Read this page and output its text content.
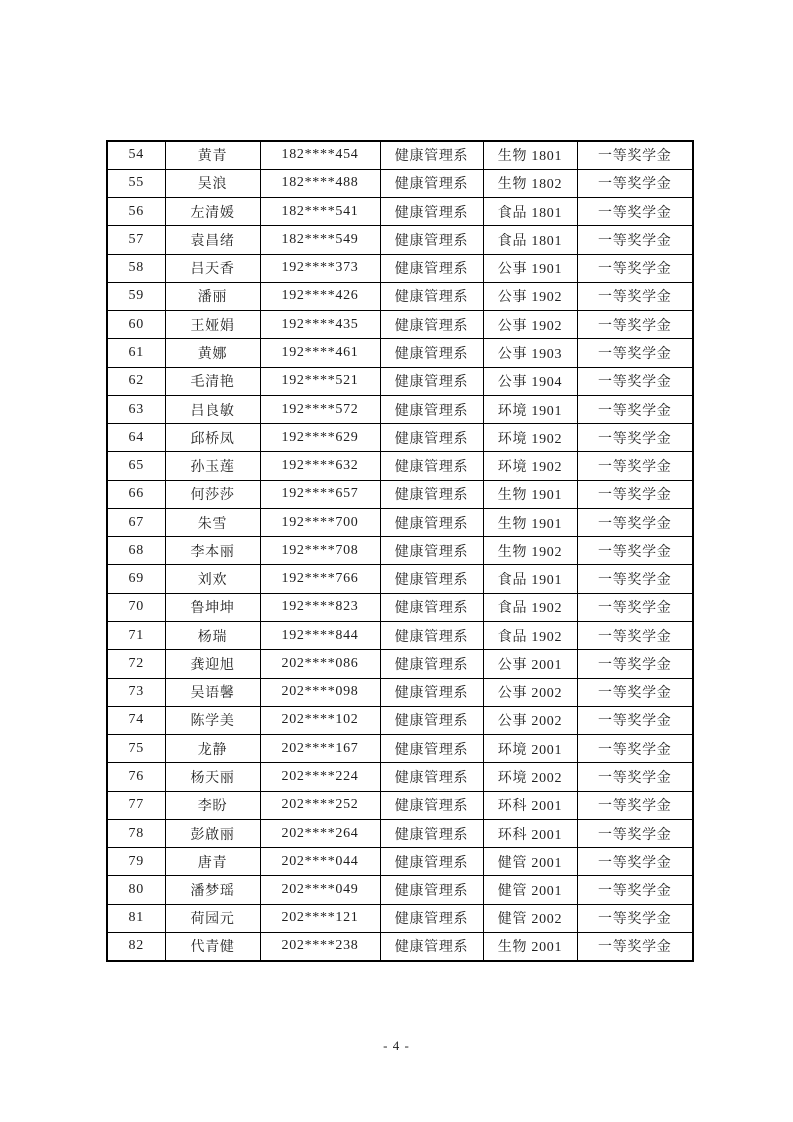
54	黄青	182****454	健康管理系	生物 1801	一等奖学金
55	吴浪	182****488	健康管理系	生物 1802	一等奖学金
56	左清媛	182****541	健康管理系	食品 1801	一等奖学金
57	袁昌绪	182****549	健康管理系	食品 1801	一等奖学金
58	吕天香	192****373	健康管理系	公事 1901	一等奖学金
59	潘丽	192****426	健康管理系	公事 1902	一等奖学金
60	王娅娟	192****435	健康管理系	公事 1902	一等奖学金
61	黄娜	192****461	健康管理系	公事 1903	一等奖学金
62	毛清艳	192****521	健康管理系	公事 1904	一等奖学金
63	吕良敏	192****572	健康管理系	环境 1901	一等奖学金
64	邱桥凤	192****629	健康管理系	环境 1902	一等奖学金
65	孙玉莲	192****632	健康管理系	环境 1902	一等奖学金
66	何莎莎	192****657	健康管理系	生物 1901	一等奖学金
67	朱雪	192****700	健康管理系	生物 1901	一等奖学金
68	李本丽	192****708	健康管理系	生物 1902	一等奖学金
69	刘欢	192****766	健康管理系	食品 1901	一等奖学金
70	鲁坤坤	192****823	健康管理系	食品 1902	一等奖学金
71	杨瑞	192****844	健康管理系	食品 1902	一等奖学金
72	龚迎旭	202****086	健康管理系	公事 2001	一等奖学金
73	吴语馨	202****098	健康管理系	公事 2002	一等奖学金
74	陈学美	202****102	健康管理系	公事 2002	一等奖学金
75	龙静	202****167	健康管理系	环境 2001	一等奖学金
76	杨天丽	202****224	健康管理系	环境 2002	一等奖学金
77	李盼	202****252	健康管理系	环科 2001	一等奖学金
78	彭啟丽	202****264	健康管理系	环科 2001	一等奖学金
79	唐青	202****044	健康管理系	健管 2001	一等奖学金
80	潘梦瑶	202****049	健康管理系	健管 2001	一等奖学金
81	荷园元	202****121	健康管理系	健管 2002	一等奖学金
82	代青健	202****238	健康管理系	生物 2001	一等奖学金
- 4 -
